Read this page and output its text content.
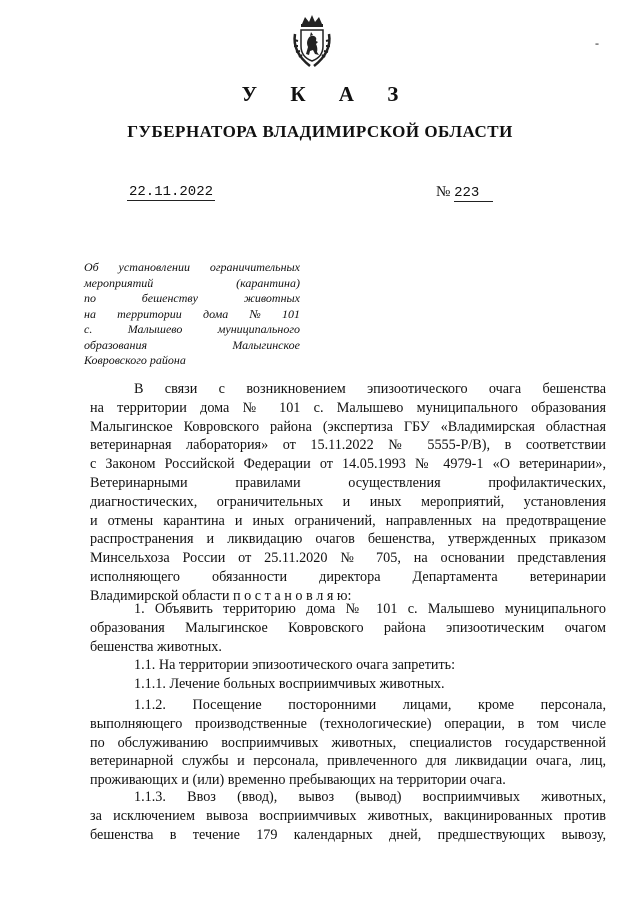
-
У К А З
ГУБЕРНАТОРА ВЛАДИМИРСКОЙ ОБЛАСТИ
22.11.2022	№ 223
Об установлении ограничительных
мероприятий	(карантина)
по	бешенству	животных
на территории дома № 101
с.	Малышево	муниципального
образования	Малыгинское
Ковровского района
В связи с возникновением эпизоотического очага бешенства
на территории дома № 101 с. Малышево муниципального образования
Малыгинское Ковровского района (экспертиза ГБУ «Владимирская областная
ветеринарная лаборатория» от 15.11.2022 № 5555-Р/В), в соответствии
с Законом Российской Федерации от 14.05.1993 № 4979-1 «О ветеринарии»,
Ветеринарными правилами осуществления профилактических,
диагностических, ограничительных и иных мероприятий, установления
и отмены карантина и иных ограничений, направленных на предотвращение
распространения и ликвидацию очагов бешенства, утвержденных приказом
Минсельхоза России от 25.11.2020 № 705, на основании представления
исполняющего обязанности директора Департамента ветеринарии
Владимирской области п о с т а н о в л я ю:
1. Объявить территорию дома № 101 с. Малышево муниципального
образования Малыгинское Ковровского района эпизоотическим очагом
бешенства животных.
1.1. На территории эпизоотического очага запретить:
1.1.1. Лечение больных восприимчивых животных.
1.1.2. Посещение посторонними лицами, кроме персонала,
выполняющего производственные (технологические) операции, в том числе
по обслуживанию восприимчивых животных, специалистов государственной
ветеринарной службы и персонала, привлеченного для ликвидации очага, лиц,
проживающих и (или) временно пребывающих на территории очага.
1.1.3. Ввоз (ввод), вывоз (вывод) восприимчивых животных,
за исключением вывоза восприимчивых животных, вакцинированных против
бешенства в течение 179 календарных дней, предшествующих вывозу,
